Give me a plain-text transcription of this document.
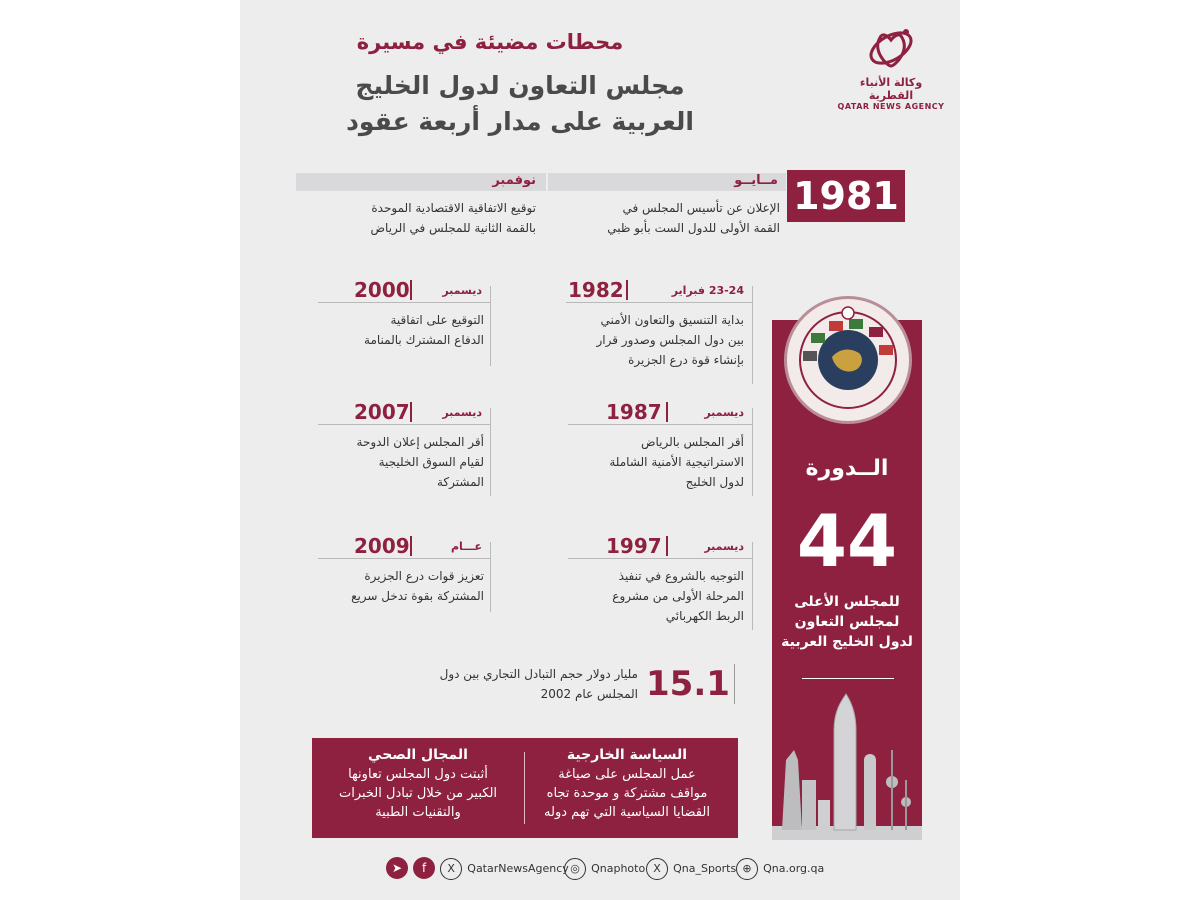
محطات مضيئة في مسيرة
مجلس التعاون لدول الخليج
العربية على مدار أربعة عقود
وكالة الأنباء القطرية
QATAR NEWS AGENCY
مــايــو
نوفمبر	1981
الإعلان عن تأسيس المجلس في
القمة الأولى للدول الست بأبو ظبي
توقيع الاتفاقية الاقتصادية الموحدة
بالقمة الثانية للمجلس في الرياض
1982	23-24 فبراير
بداية التنسيق والتعاون الأمني
بين دول المجلس وصدور قرار
بإنشاء قوة درع الجزيرة
2000	ديسمبر
التوقيع على اتفاقية
الدفاع المشترك بالمنامة
1987	ديسمبر
أقر المجلس بالرياض
الاستراتيجية الأمنية الشاملة
لدول الخليج
2007	ديسمبر
أقر المجلس إعلان الدوحة
لقيام السوق الخليجية
المشتركة
1997	ديسمبر
التوجيه بالشروع في تنفيذ
المرحلة الأولى من مشروع
الربط الكهربائي
2009	عـــام
تعزيز قوات درع الجزيرة
المشتركة بقوة تدخل سريع
15.1
مليار دولار حجم التبادل التجاري بين دول
المجلس عام 2002
الــدورة
44
للمجلس الأعلى
لمجلس التعاون
لدول الخليج العربية
السياسة الخارجية
عمل المجلس على صياغة
مواقف مشتركة و موحدة تجاه
القضايا السياسية التي تهم دوله
المجال الصحي
أثبتت دول المجلس تعاونها
الكبير من خلال تبادل الخبرات
والتقنيات الطبية
➤ f X QatarNewsAgency ◎ Qnaphoto X Qna_Sports ⊕ Qna.org.qa
